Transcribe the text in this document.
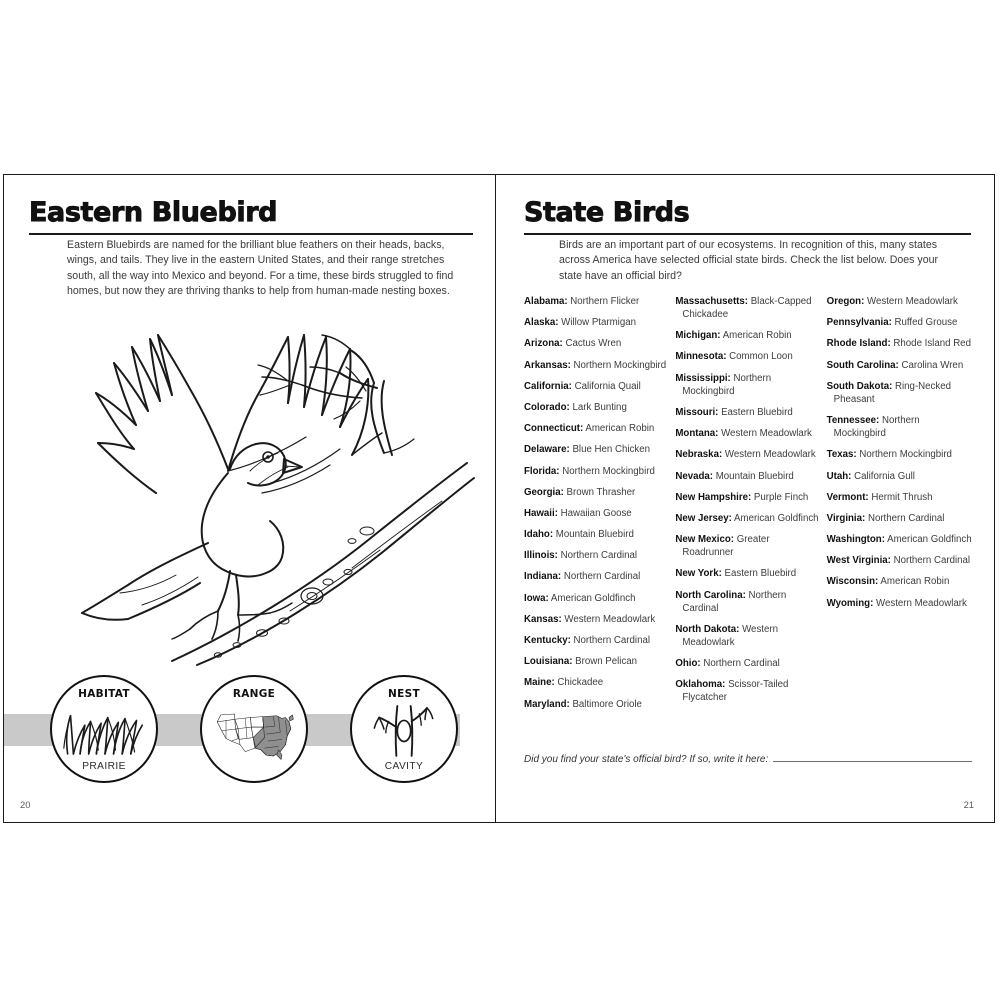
Eastern Bluebird
Eastern Bluebirds are named for the brilliant blue feathers on their heads, backs, wings, and tails. They live in the eastern United States, and their range stretches south, all the way into Mexico and beyond. For a time, these birds struggled to find homes, but now they are thriving thanks to help from human-made nesting boxes.
HABITAT
PRAIRIE
RANGE	NEST
CAVITY
20
State Birds
Birds are an important part of our ecosystems. In recognition of this, many states across America have selected official state birds. Check the list below. Does your state have an official bird?
Alabama: Northern Flicker
Alaska: Willow Ptarmigan
Arizona: Cactus Wren
Arkansas: Northern Mockingbird
California: California Quail
Colorado: Lark Bunting
Connecticut: American Robin
Delaware: Blue Hen Chicken
Florida: Northern Mockingbird
Georgia: Brown Thrasher
Hawaii: Hawaiian Goose
Idaho: Mountain Bluebird
Illinois: Northern Cardinal
Indiana: Northern Cardinal
Iowa: American Goldfinch
Kansas: Western Meadowlark
Kentucky: Northern Cardinal
Louisiana: Brown Pelican
Maine: Chickadee
Maryland: Baltimore Oriole
Massachusetts: Black-Capped Chickadee
Michigan: American Robin
Minnesota: Common Loon
Mississippi: Northern Mockingbird
Missouri: Eastern Bluebird
Montana: Western Meadowlark
Nebraska: Western Meadowlark
Nevada: Mountain Bluebird
New Hampshire: Purple Finch
New Jersey: American Goldfinch
New Mexico: Greater Roadrunner
New York: Eastern Bluebird
North Carolina: Northern Cardinal
North Dakota: Western Meadowlark
Ohio: Northern Cardinal
Oklahoma: Scissor-Tailed Flycatcher
Oregon: Western Meadowlark
Pennsylvania: Ruffed Grouse
Rhode Island: Rhode Island Red
South Carolina: Carolina Wren
South Dakota: Ring-Necked Pheasant
Tennessee: Northern Mockingbird
Texas: Northern Mockingbird
Utah: California Gull
Vermont: Hermit Thrush
Virginia: Northern Cardinal
Washington: American Goldfinch
West Virginia: Northern Cardinal
Wisconsin: American Robin
Wyoming: Western Meadowlark
Did you find your state's official bird? If so, write it here:
21
